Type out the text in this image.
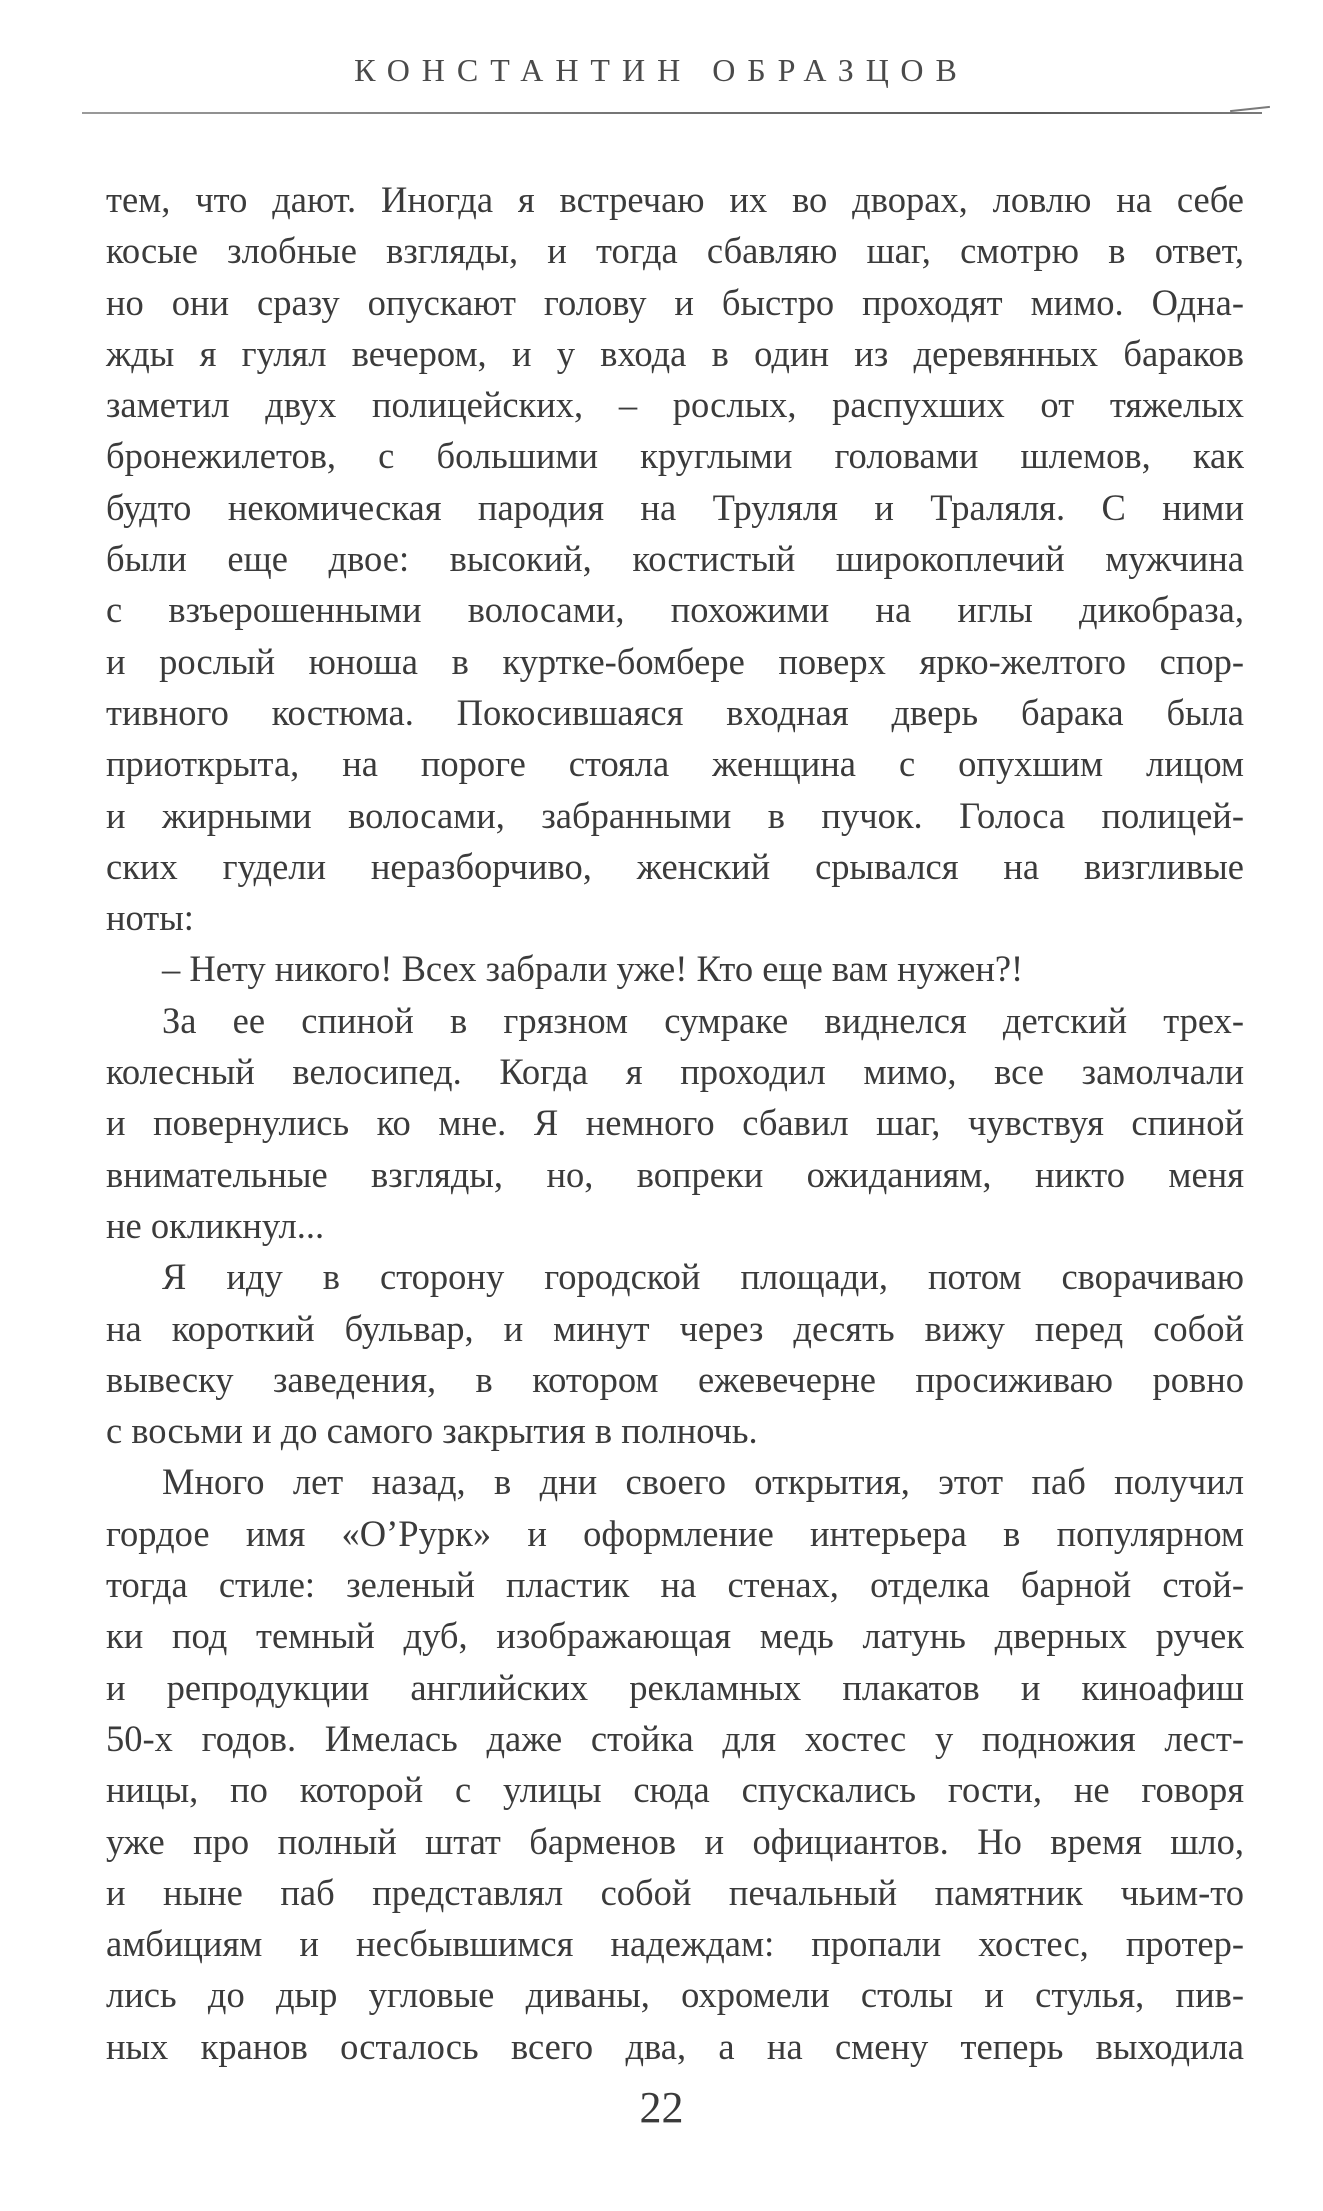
КОНСТАНТИН ОБРАЗЦОВ
тем, что дают. Иногда я встречаю их во дворах, ловлю на себе
косые злобные взгляды, и тогда сбавляю шаг, смотрю в ответ,
но они сразу опускают голову и быстро проходят мимо. Одна-
жды я гулял вечером, и у входа в один из деревянных бараков
заметил двух полицейских, – рослых, распухших от тяжелых
бронежилетов, с большими круглыми головами шлемов, как
будто некомическая пародия на Труляля и Траляля. С ними
были еще двое: высокий, костистый широкоплечий мужчина
с взъерошенными волосами, похожими на иглы дикобраза,
и рослый юноша в куртке-бомбере поверх ярко-желтого спор-
тивного костюма. Покосившаяся входная дверь барака была
приоткрыта, на пороге стояла женщина с опухшим лицом
и жирными волосами, забранными в пучок. Голоса полицей-
ских гудели неразборчиво, женский срывался на визгливые
ноты:
– Нету никого! Всех забрали уже! Кто еще вам нужен?!
За ее спиной в грязном сумраке виднелся детский трех-
колесный велосипед. Когда я проходил мимо, все замолчали
и повернулись ко мне. Я немного сбавил шаг, чувствуя спиной
внимательные взгляды, но, вопреки ожиданиям, никто меня
не окликнул...
Я иду в сторону городской площади, потом сворачиваю
на короткий бульвар, и минут через десять вижу перед собой
вывеску заведения, в котором ежевечерне просиживаю ровно
с восьми и до самого закрытия в полночь.
Много лет назад, в дни своего открытия, этот паб получил
гордое имя «О’Рурк» и оформление интерьера в популярном
тогда стиле: зеленый пластик на стенах, отделка барной стой-
ки под темный дуб, изображающая медь латунь дверных ручек
и репродукции английских рекламных плакатов и киноафиш
50-х годов. Имелась даже стойка для хостес у подножия лест-
ницы, по которой с улицы сюда спускались гости, не говоря
уже про полный штат барменов и официантов. Но время шло,
и ныне паб представлял собой печальный памятник чьим-то
амбициям и несбывшимся надеждам: пропали хостес, протер-
лись до дыр угловые диваны, охромели столы и стулья, пив-
ных кранов осталось всего два, а на смену теперь выходила
22
